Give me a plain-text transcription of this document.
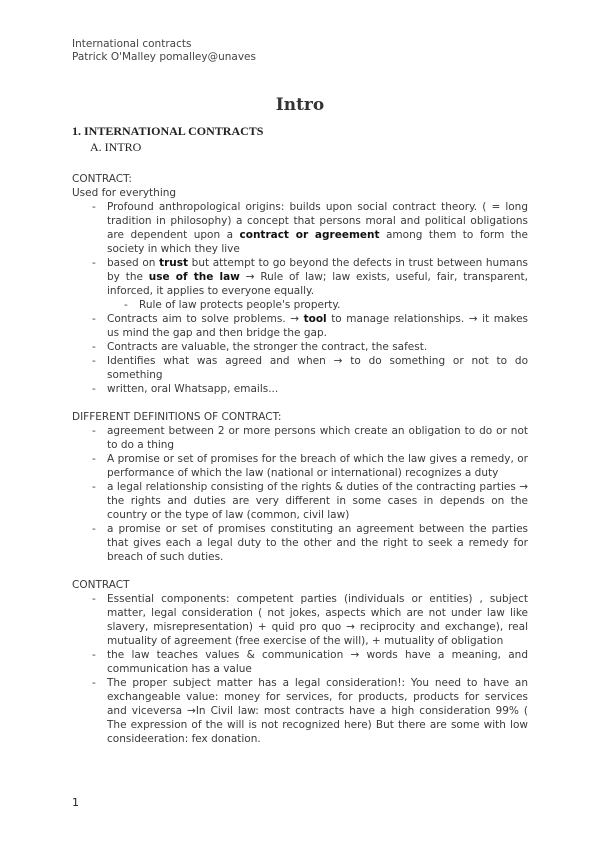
International contracts
Patrick O'Malley pomalley@unaves
Intro
1. INTERNATIONAL CONTRACTS
A. INTRO

CONTRACT:

Used for everything

- Profound anthropological origins: builds upon social contract theory. ( = long tradition in philosophy) a concept that persons moral and political obligations are dependent upon a contract or agreement among them to form the society in which they live
- based on trust but attempt to go beyond the defects in trust between humans by the use of the law → Rule of law; law exists, useful, fair, transparent, inforced, it applies to everyone equally.
- Rule of law protects people's property.
- Contracts aim to solve problems. → tool to manage relationships. → it makes us mind the gap and then bridge the gap.
- Contracts are valuable, the stronger the contract, the safest.
- Identifies what was agreed and when → to do something or not to do something
- written, oral Whatsapp, emails...

DIFFERENT DEFINITIONS OF CONTRACT:

- agreement between 2 or more persons which create an obligation to do or not to do a thing
- A promise or set of promises for the breach of which the law gives a remedy, or performance of which the law (national or international) recognizes a duty
- a legal relationship consisting of the rights & duties of the contracting parties → the rights and duties are very different in some cases in depends on the country or the type of law (common, civil law)
- a promise or set of promises constituting an agreement between the parties that gives each a legal duty to the other and the right to seek a remedy for breach of such duties.

CONTRACT

- Essential components: competent parties (individuals or entities) , subject matter, legal consideration ( not jokes, aspects which are not under law like slavery, misrepresentation) + quid pro quo → reciprocity and exchange), real mutuality of agreement (free exercise of the will), + mutuality of obligation
- the law teaches values & communication → words have a meaning, and communication has a value
- The proper subject matter has a legal consideration!: You need to have an exchangeable value: money for services, for products, products for services and viceversa →In Civil law: most contracts have a high consideration 99% ( The expression of the will is not recognized here) But there are some with low consideeration: fex donation.
1
